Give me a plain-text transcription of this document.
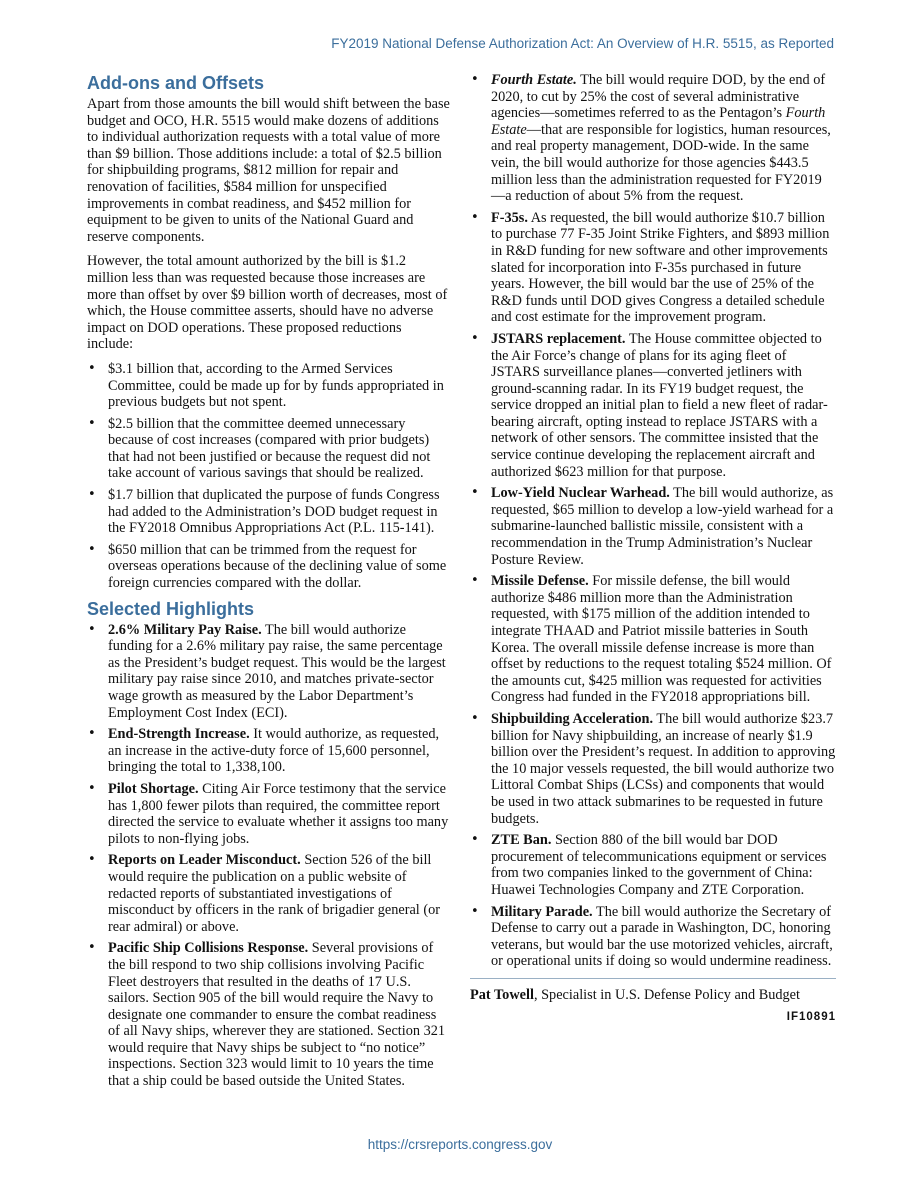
FY2019 National Defense Authorization Act: An Overview of H.R. 5515, as Reported
Add-ons and Offsets

Apart from those amounts the bill would shift between the base budget and OCO, H.R. 5515 would make dozens of additions to individual authorization requests with a total value of more than $9 billion. Those additions include: a total of $2.5 billion for shipbuilding programs, $812 million for repair and renovation of facilities, $584 million for unspecified improvements in combat readiness, and $452 million for equipment to be given to units of the National Guard and reserve components.

However, the total amount authorized by the bill is $1.2 million less than was requested because those increases are more than offset by over $9 billion worth of decreases, most of which, the House committee asserts, should have no adverse impact on DOD operations. These proposed reductions include:

• $3.1 billion that, according to the Armed Services Committee, could be made up for by funds appropriated in previous budgets but not spent.
• $2.5 billion that the committee deemed unnecessary because of cost increases (compared with prior budgets) that had not been justified or because the request did not take account of various savings that should be realized.
• $1.7 billion that duplicated the purpose of funds Congress had added to the Administration’s DOD budget request in the FY2018 Omnibus Appropriations Act (P.L. 115-141).
• $650 million that can be trimmed from the request for overseas operations because of the declining value of some foreign currencies compared with the dollar.
Selected Highlights
• 2.6% Military Pay Raise. The bill would authorize funding for a 2.6% military pay raise, the same percentage as the President’s budget request. This would be the largest military pay raise since 2010, and matches private-sector wage growth as measured by the Labor Department’s Employment Cost Index (ECI).
• End-Strength Increase. It would authorize, as requested, an increase in the active-duty force of 15,600 personnel, bringing the total to 1,338,100.
• Pilot Shortage. Citing Air Force testimony that the service has 1,800 fewer pilots than required, the committee report directed the service to evaluate whether it assigns too many pilots to non-flying jobs.
• Reports on Leader Misconduct. Section 526 of the bill would require the publication on a public website of redacted reports of substantiated investigations of misconduct by officers in the rank of brigadier general (or rear admiral) or above.
• Pacific Ship Collisions Response. Several provisions of the bill respond to two ship collisions involving Pacific Fleet destroyers that resulted in the deaths of 17 U.S. sailors. Section 905 of the bill would require the Navy to designate one commander to ensure the combat readiness of all Navy ships, wherever they are stationed. Section 321 would require that Navy ships be subject to “no notice” inspections. Section 323 would limit to 10 years the time that a ship could be based outside the United States.
• Fourth Estate. The bill would require DOD, by the end of 2020, to cut by 25% the cost of several administrative agencies—sometimes referred to as the Pentagon’s Fourth Estate—that are responsible for logistics, human resources, and real property management, DOD-wide. In the same vein, the bill would authorize for those agencies $443.5 million less than the administration requested for FY2019—a reduction of about 5% from the request.
• F-35s. As requested, the bill would authorize $10.7 billion to purchase 77 F-35 Joint Strike Fighters, and $893 million in R&D funding for new software and other improvements slated for incorporation into F-35s purchased in future years. However, the bill would bar the use of 25% of the R&D funds until DOD gives Congress a detailed schedule and cost estimate for the improvement program.
• JSTARS replacement. The House committee objected to the Air Force’s change of plans for its aging fleet of JSTARS surveillance planes—converted jetliners with ground-scanning radar. In its FY19 budget request, the service dropped an initial plan to field a new fleet of radar-bearing aircraft, opting instead to replace JSTARS with a network of other sensors. The committee insisted that the service continue developing the replacement aircraft and authorized $623 million for that purpose.
• Low-Yield Nuclear Warhead. The bill would authorize, as requested, $65 million to develop a low-yield warhead for a submarine-launched ballistic missile, consistent with a recommendation in the Trump Administration’s Nuclear Posture Review.
• Missile Defense. For missile defense, the bill would authorize $486 million more than the Administration requested, with $175 million of the addition intended to integrate THAAD and Patriot missile batteries in South Korea. The overall missile defense increase is more than offset by reductions to the request totaling $524 million. Of the amounts cut, $425 million was requested for activities Congress had funded in the FY2018 appropriations bill.
• Shipbuilding Acceleration. The bill would authorize $23.7 billion for Navy shipbuilding, an increase of nearly $1.9 billion over the President’s request. In addition to approving the 10 major vessels requested, the bill would authorize two Littoral Combat Ships (LCSs) and components that would be used in two attack submarines to be requested in future budgets.
• ZTE Ban. Section 880 of the bill would bar DOD procurement of telecommunications equipment or services from two companies linked to the government of China: Huawei Technologies Company and ZTE Corporation.
• Military Parade. The bill would authorize the Secretary of Defense to carry out a parade in Washington, DC, honoring veterans, but would bar the use motorized vehicles, aircraft, or operational units if doing so would undermine readiness.
Pat Towell, Specialist in U.S. Defense Policy and Budget
IF10891
https://crsreports.congress.gov
